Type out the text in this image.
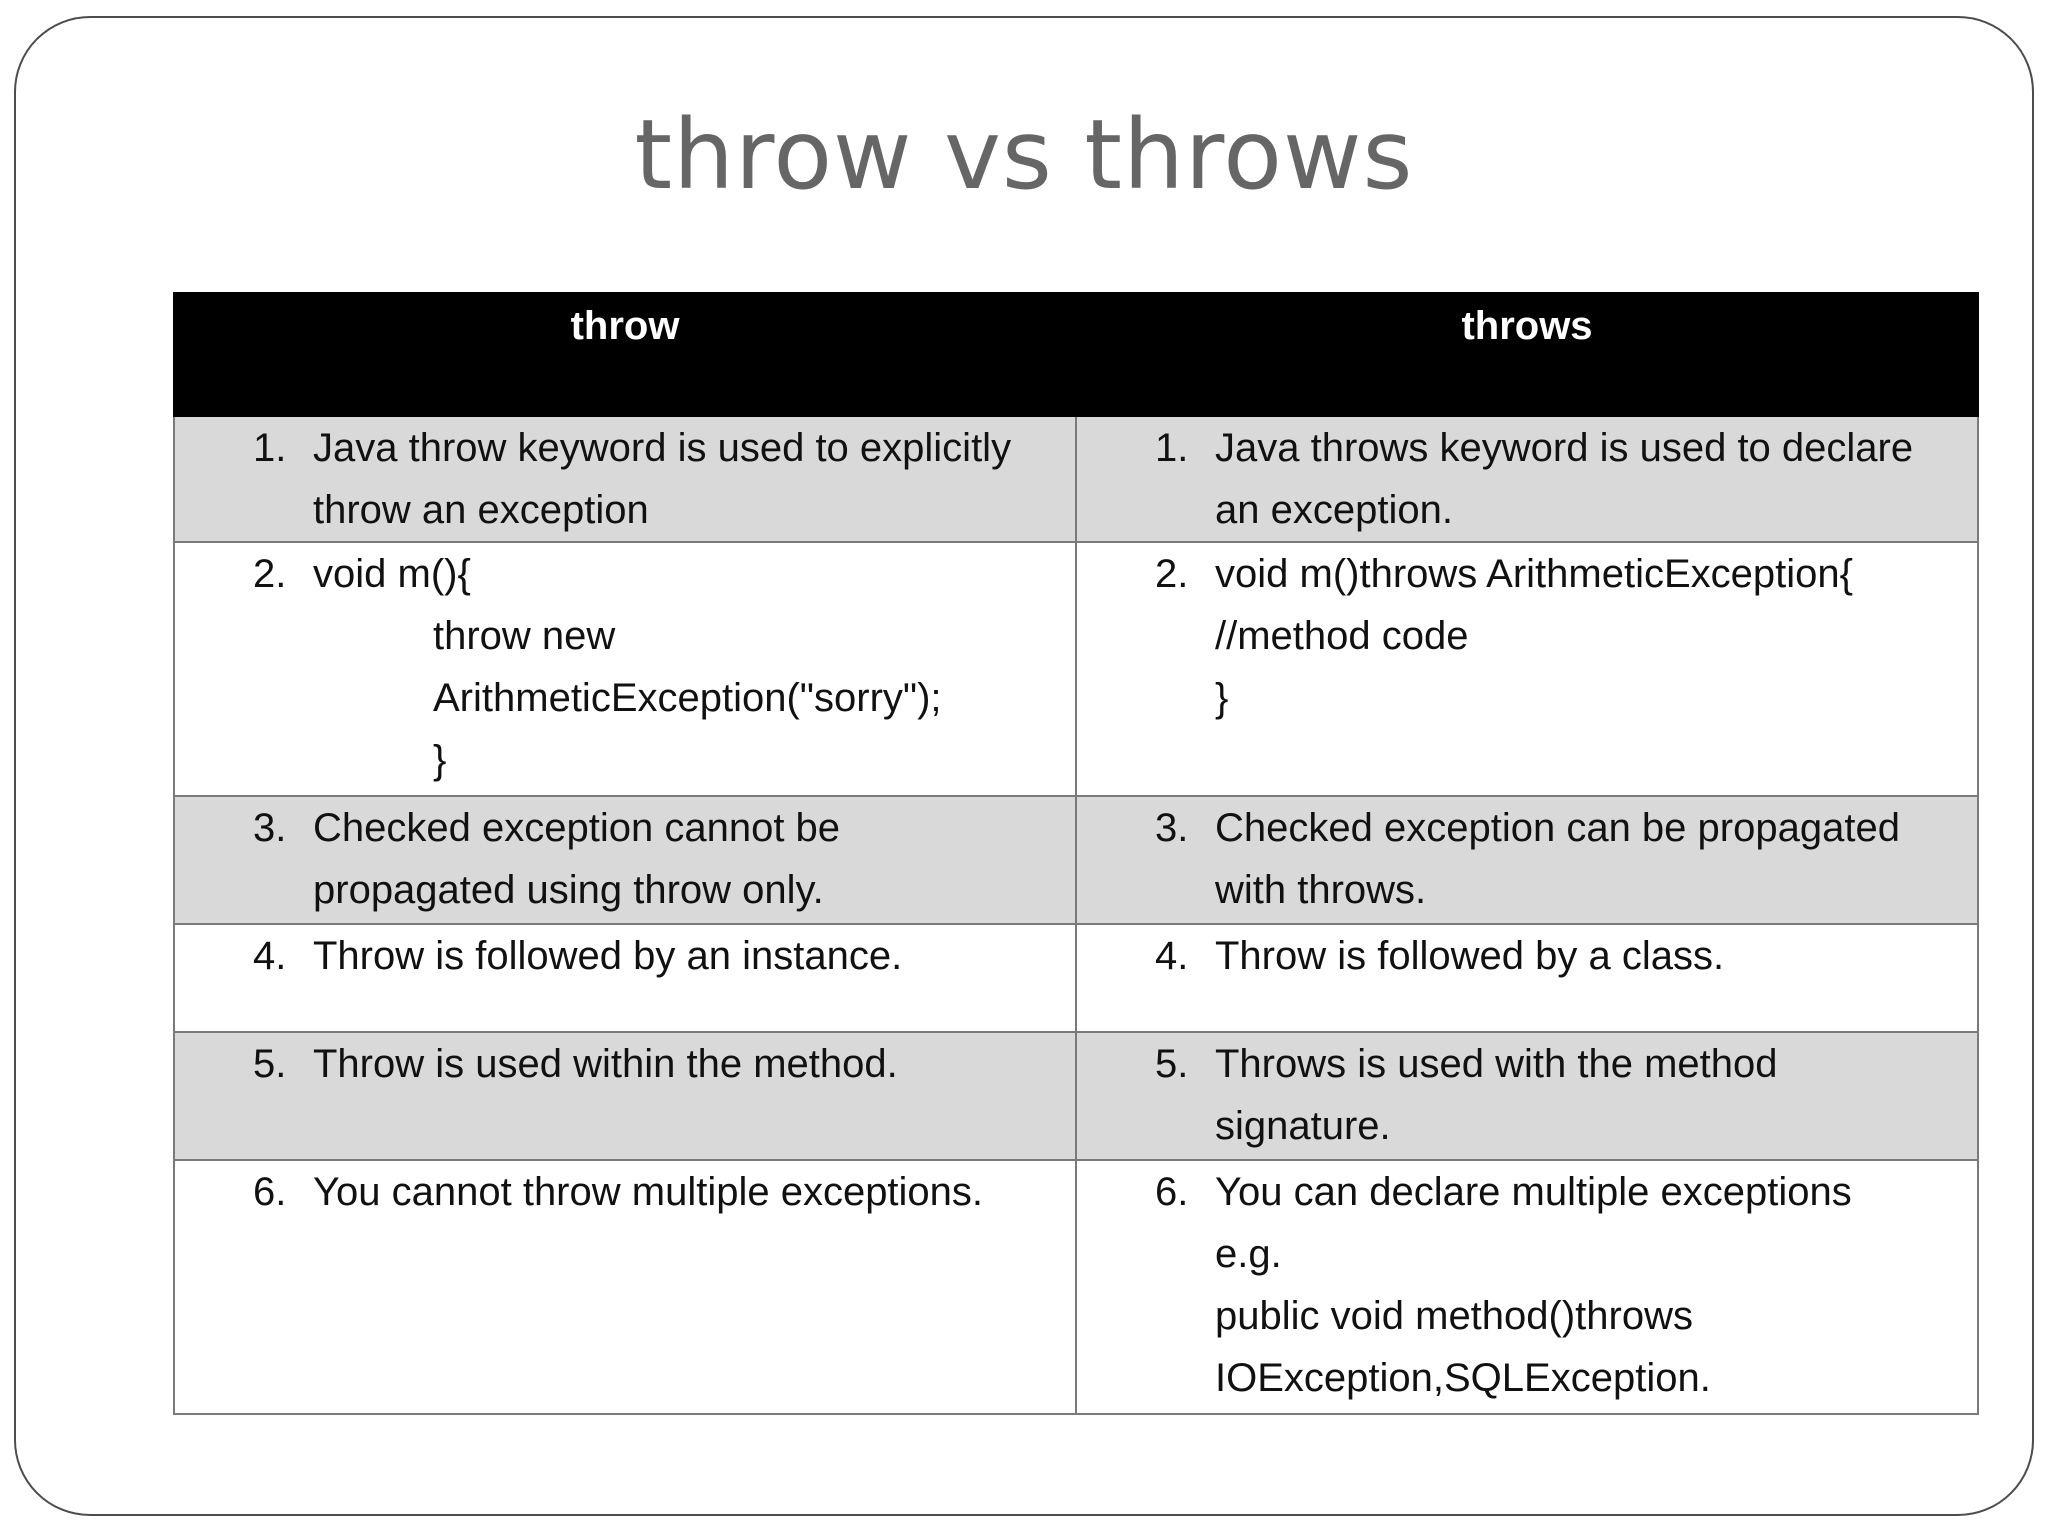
throw vs throws
throw	throws

1. Java throw keyword is used to explicitly
throw an exception	1. Java throws keyword is used to declare
an exception.

2. void m(){
throw new
ArithmeticException("sorry");
}	2. void m()throws ArithmeticException{
//method code
}

3. Checked exception cannot be
propagated using throw only.	3. Checked exception can be propagated
with throws.

4. Throw is followed by an instance.	4. Throw is followed by a class.

5. Throw is used within the method.	5. Throws is used with the method
signature.

6. You cannot throw multiple exceptions.	6. You can declare multiple exceptions
e.g.
public void method()throws
IOException,SQLException.
